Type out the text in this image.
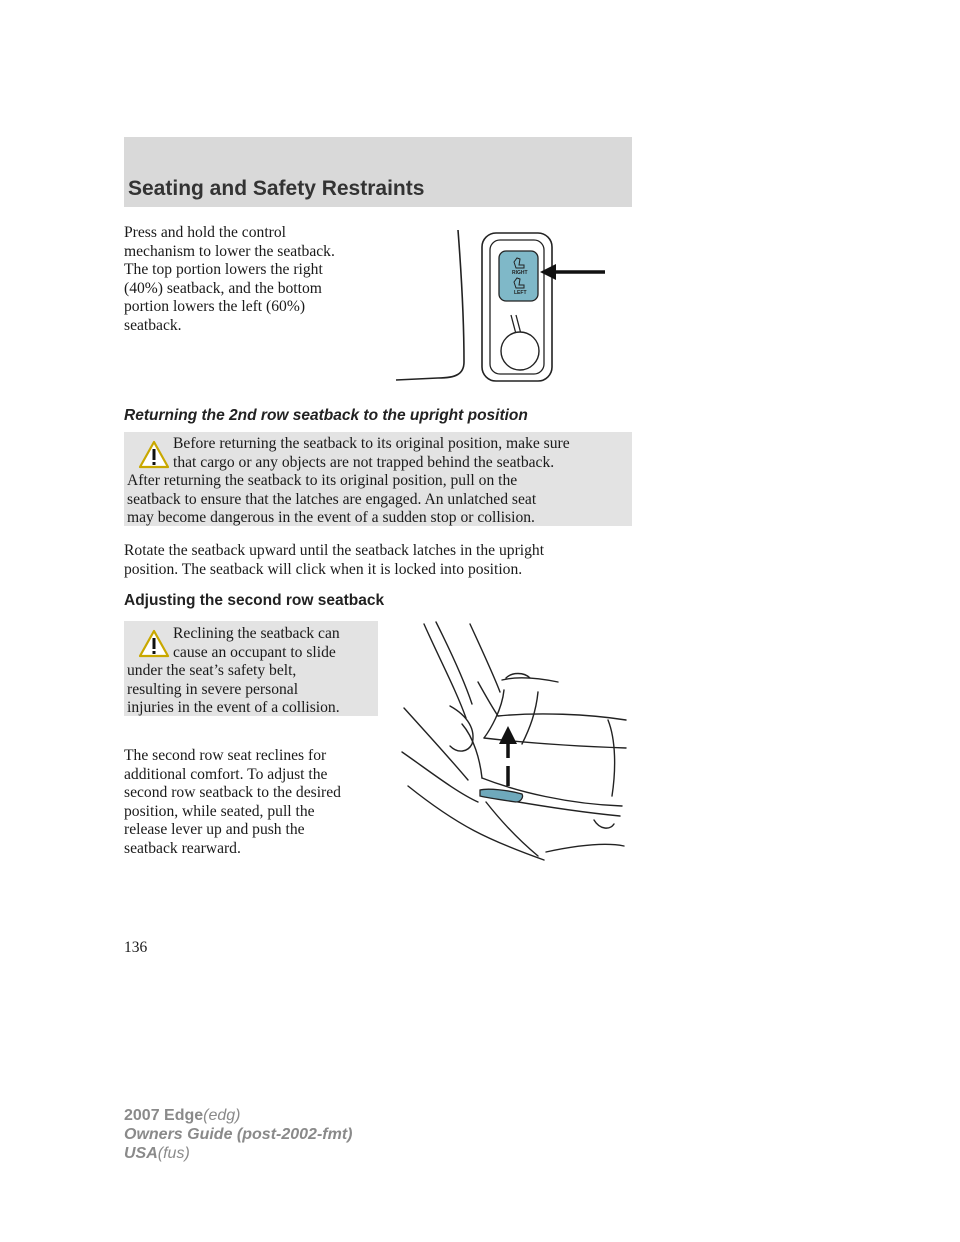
Seating and Safety Restraints
Press and hold the control
mechanism to lower the seatback.
The top portion lowers the right
(40%) seatback, and the bottom
portion lowers the left (60%)
seatback.
RIGHT
LEFT
Returning the 2nd row seatback to the upright position
Before returning the seatback to its original position, make sure
that cargo or any objects are not trapped behind the seatback.
After returning the seatback to its original position, pull on the
seatback to ensure that the latches are engaged. An unlatched seat
may become dangerous in the event of a sudden stop or collision.
Rotate the seatback upward until the seatback latches in the upright
position. The seatback will click when it is locked into position.
Adjusting the second row seatback
Reclining the seatback can
cause an occupant to slide
under the seat’s safety belt,
resulting in severe personal
injuries in the event of a collision.
The second row seat reclines for
additional comfort. To adjust the
second row seatback to the desired
position, while seated, pull the
release lever up and push the
seatback rearward.
136
2007 Edge(edg)
Owners Guide (post-2002-fmt)
USA(fus)
